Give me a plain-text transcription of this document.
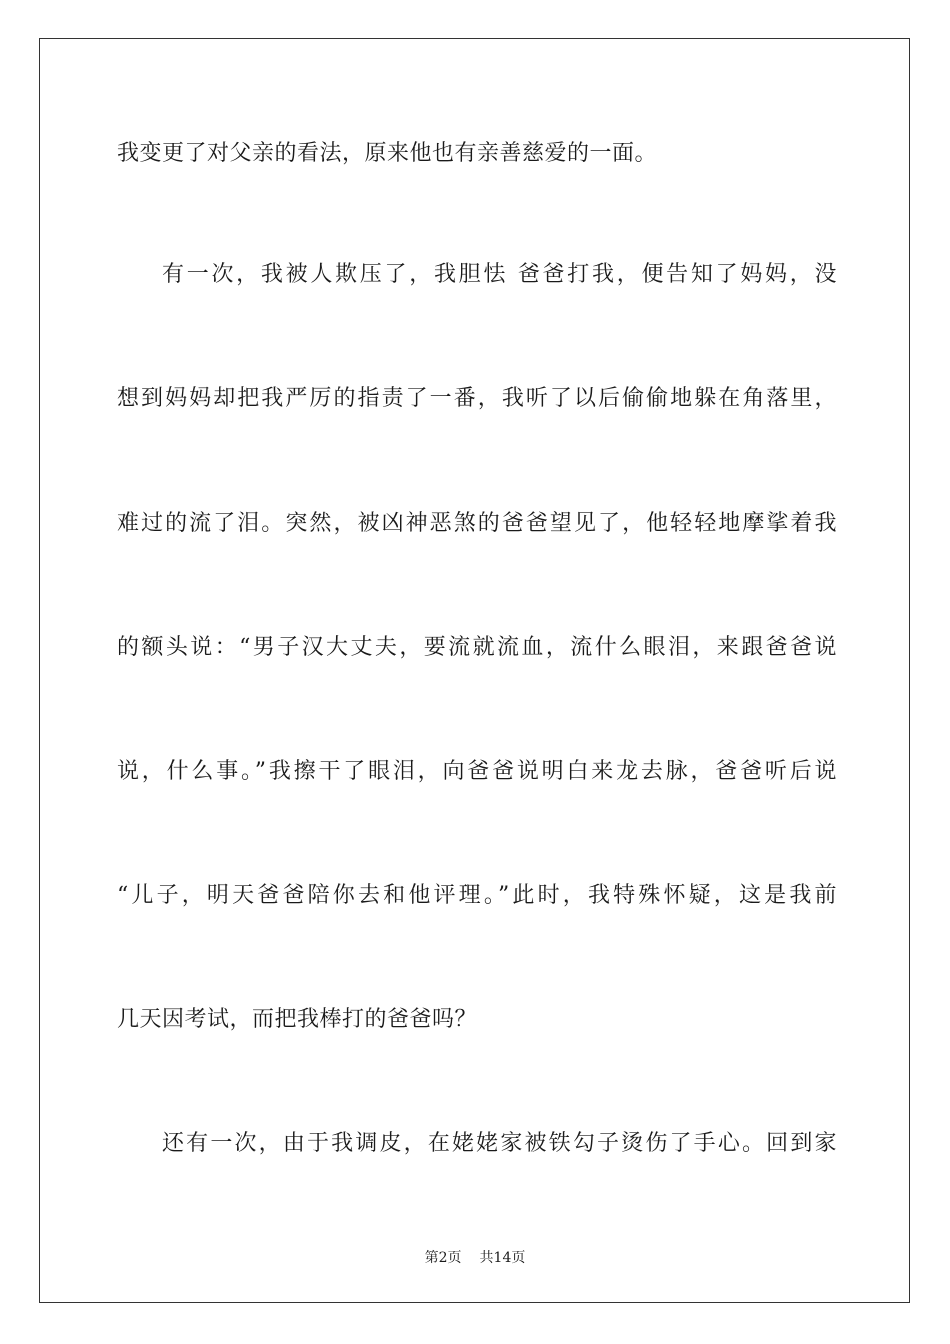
我变更了对父亲的看法，原来他也有亲善慈爱的一面。
有一次，我被人欺压了，我胆怯 爸爸打我，便告知了妈妈，没
想到妈妈却把我严厉的指责了一番，我听了以后偷偷地躲在角落里，
难过的流了泪。突然，被凶神恶煞的爸爸望见了，他轻轻地摩挲着我
的额头说：“男子汉大丈夫，要流就流血，流什么眼泪，来跟爸爸说
说，什么事。”我擦干了眼泪，向爸爸说明白来龙去脉，爸爸听后说
“儿子，明天爸爸陪你去和他评理。”此时，我特殊怀疑，这是我前
几天因考试，而把我棒打的爸爸吗？
还有一次，由于我调皮，在姥姥家被铁勾子烫伤了手心。回到家
第2页 共14页
